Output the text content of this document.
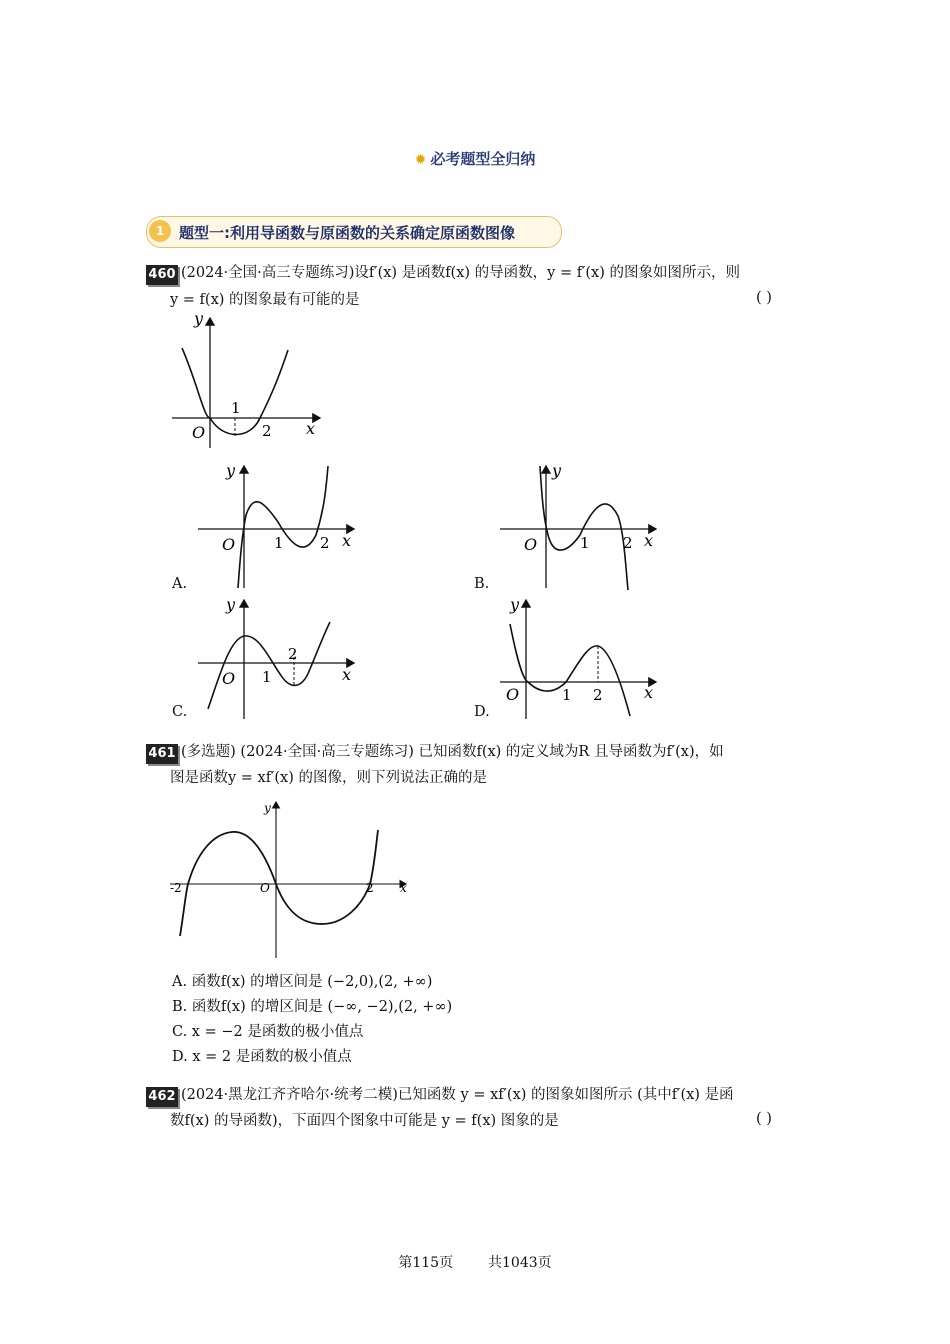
✹ 必考题型全归纳
1 题型一:利用导函数与原函数的关系确定原函数图像
460 (2024·全国·高三专题练习)设f′(x) 是函数f(x) 的导函数，y = f′(x) 的图象如图所示，则
y = f(x) 的图象最有可能的是	( )
y
x
O
1
2
y
x
O	1 2
A.
y
x
O	1 2
B.
y
x
O 1
2
C.
y
x
O	1 2
D.
461 (多选题) (2024·全国·高三专题练习) 已知函数f(x) 的定义域为R 且导函数为f′(x)，如
图是函数y = xf′(x) 的图像，则下列说法正确的是
y
x
O
-2	2
A. 函数f(x) 的增区间是 (−2,0),(2, +∞)
B. 函数f(x) 的增区间是 (−∞, −2),(2, +∞)
C. x = −2 是函数的极小值点
D. x = 2 是函数的极小值点
462 (2024·黑龙江齐齐哈尔·统考二模)已知函数 y = xf′(x) 的图象如图所示 (其中f′(x) 是函
数f(x) 的导函数)，下面四个图象中可能是 y = f(x) 图象的是	( )
第115页 共1043页
